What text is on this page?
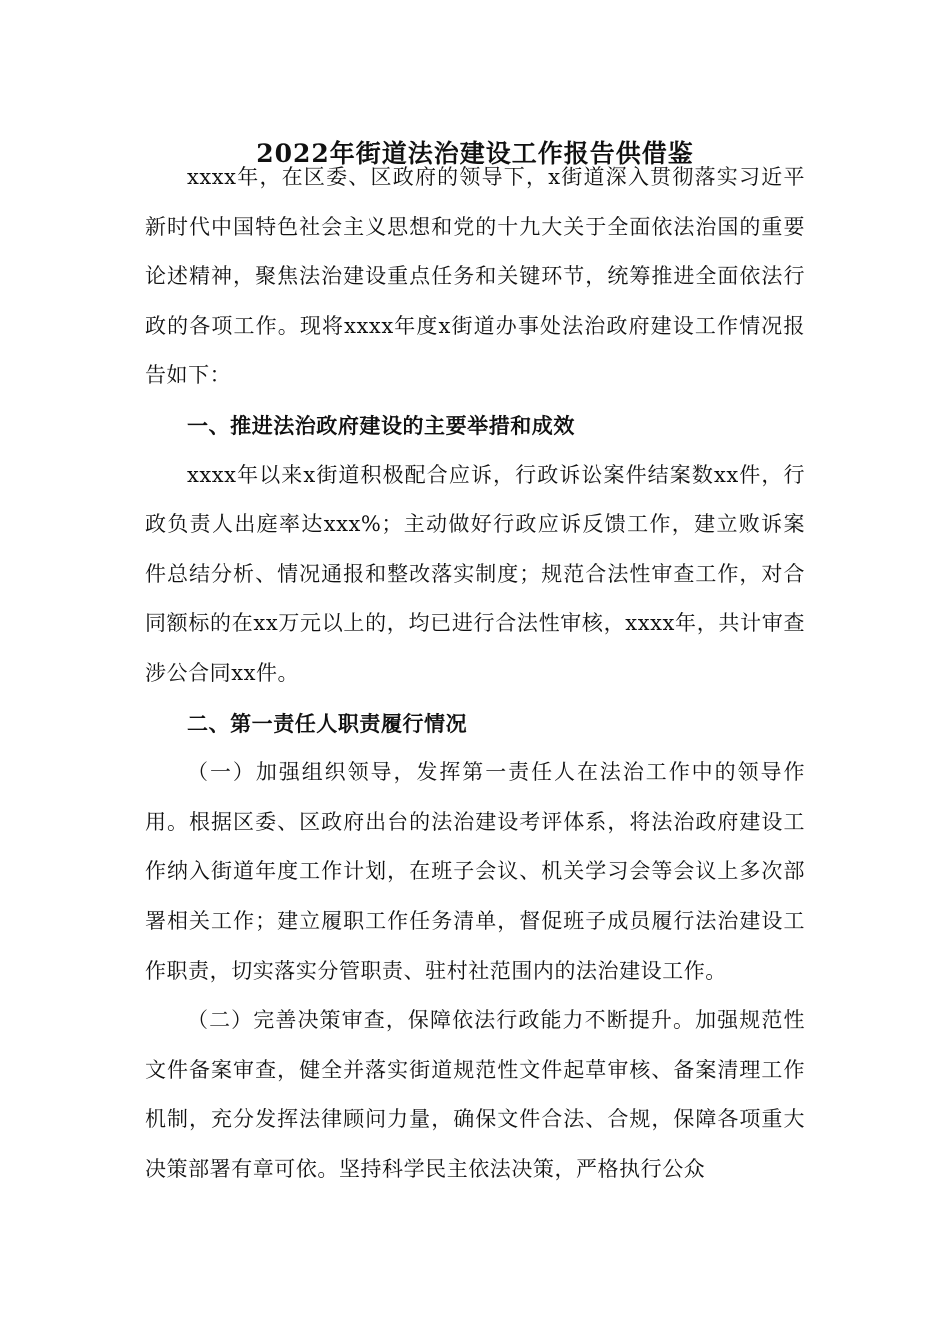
2022年街道法治建设工作报告供借鉴

xxxx年，在区委、区政府的领导下，x街道深入贯彻落实习近平新时代中国特色社会主义思想和党的十九大关于全面依法治国的重要论述精神，聚焦法治建设重点任务和关键环节，统筹推进全面依法行政的各项工作。现将xxxx年度x街道办事处法治政府建设工作情况报告如下：

一、推进法治政府建设的主要举措和成效

xxxx年以来x街道积极配合应诉，行政诉讼案件结案数xx件，行政负责人出庭率达xxx%；主动做好行政应诉反馈工作，建立败诉案件总结分析、情况通报和整改落实制度；规范合法性审查工作，对合同额标的在xx万元以上的，均已进行合法性审核，xxxx年，共计审查涉公合同xx件。

二、第一责任人职责履行情况

（一）加强组织领导，发挥第一责任人在法治工作中的领导作用。根据区委、区政府出台的法治建设考评体系，将法治政府建设工作纳入街道年度工作计划，在班子会议、机关学习会等会议上多次部署相关工作；建立履职工作任务清单，督促班子成员履行法治建设工作职责，切实落实分管职责、驻村社范围内的法治建设工作。

（二）完善决策审查，保障依法行政能力不断提升。加强规范性文件备案审查，健全并落实街道规范性文件起草审核、备案清理工作机制，充分发挥法律顾问力量，确保文件合法、合规，保障各项重大决策部署有章可依。坚持科学民主依法决策，严格执行公众
